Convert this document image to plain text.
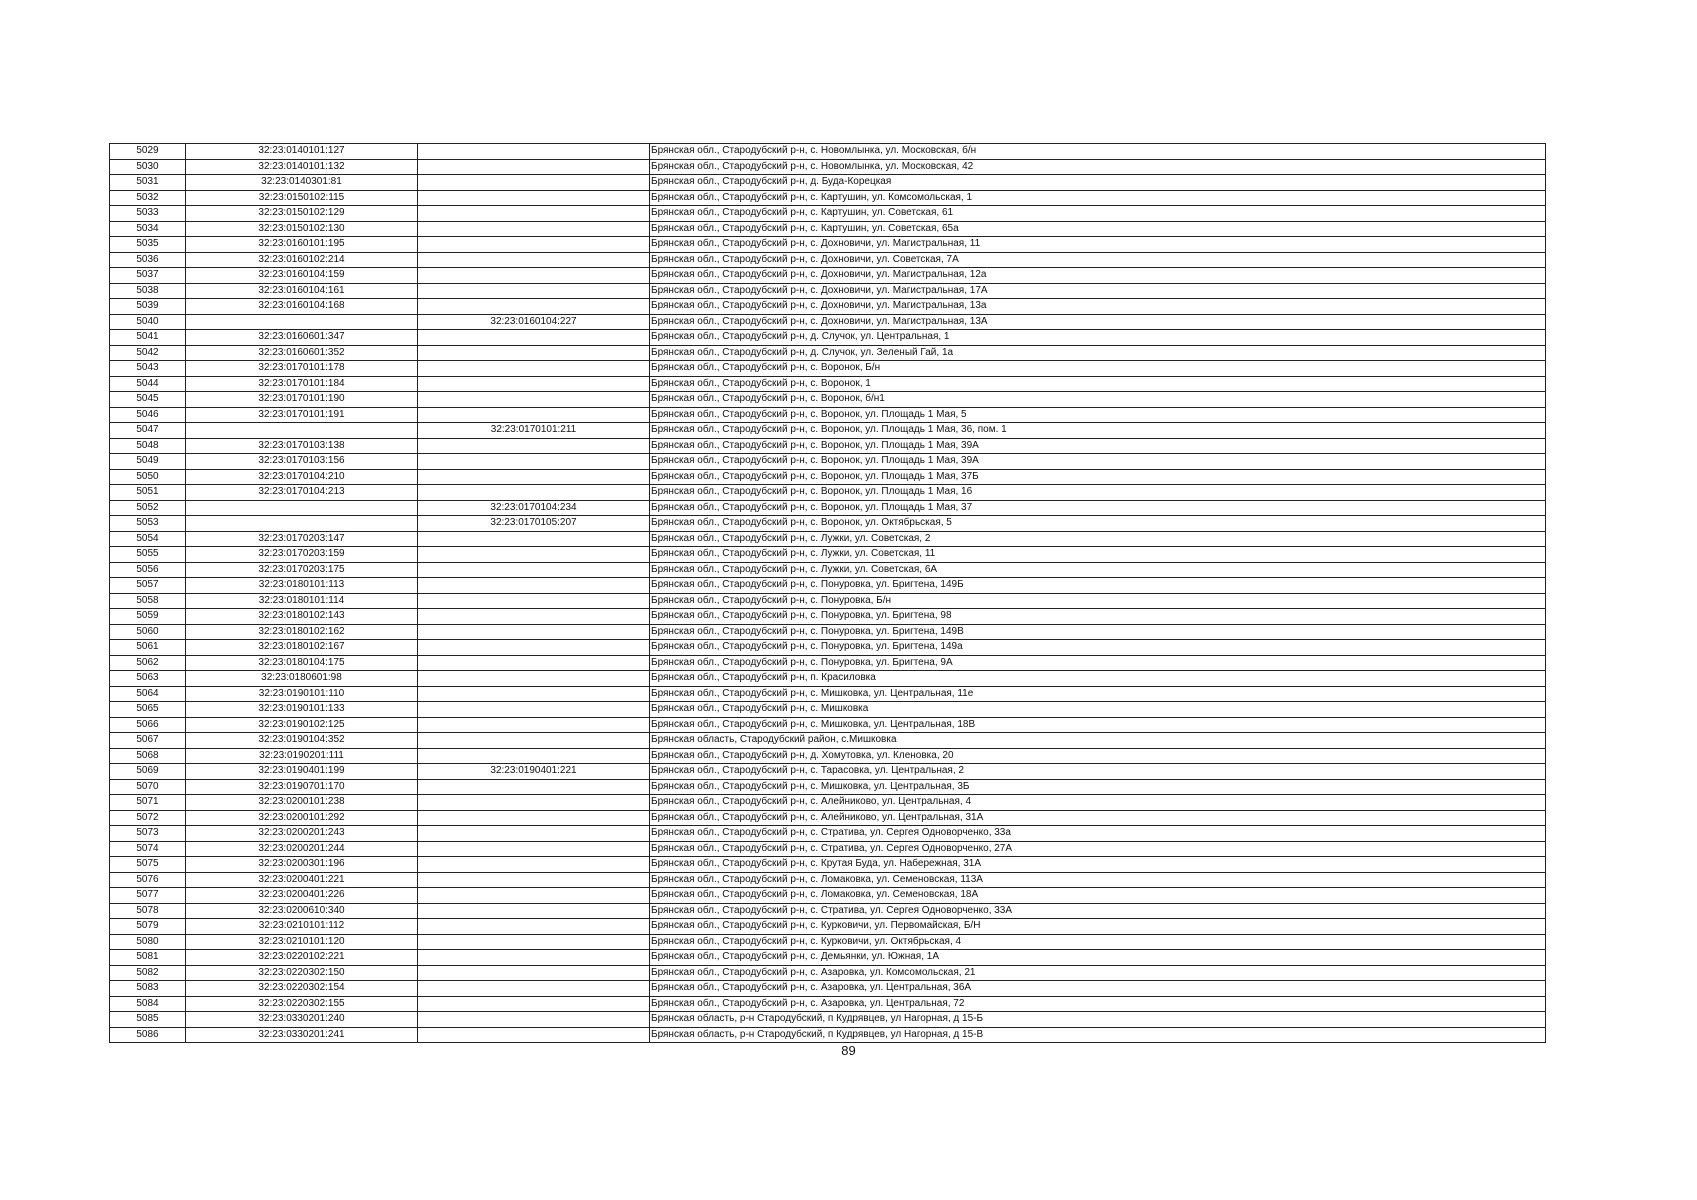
5029	32:23:0140101:127		Брянская обл., Стародубский р-н, с. Новомлынка, ул. Московская, б/н
5030	32:23:0140101:132		Брянская обл., Стародубский р-н, с. Новомлынка, ул. Московская, 42
5031	32:23:0140301:81		Брянская обл., Стародубский р-н, д. Буда-Корецкая
5032	32:23:0150102:115		Брянская обл., Стародубский р-н, с. Картушин, ул. Комсомольская, 1
5033	32:23:0150102:129		Брянская обл., Стародубский р-н, с. Картушин, ул. Советская, 61
5034	32:23:0150102:130		Брянская обл., Стародубский р-н, с. Картушин, ул. Советская, 65а
5035	32:23:0160101:195		Брянская обл., Стародубский р-н, с. Дохновичи, ул. Магистральная, 11
5036	32:23:0160102:214		Брянская обл., Стародубский р-н, с. Дохновичи, ул. Советская, 7А
5037	32:23:0160104:159		Брянская обл., Стародубский р-н, с. Дохновичи, ул. Магистральная, 12а
5038	32:23:0160104:161		Брянская обл., Стародубский р-н, с. Дохновичи, ул. Магистральная, 17А
5039	32:23:0160104:168		Брянская обл., Стародубский р-н, с. Дохновичи, ул. Магистральная, 13а
5040		32:23:0160104:227	Брянская обл., Стародубский р-н, с. Дохновичи, ул. Магистральная, 13А
5041	32:23:0160601:347		Брянская обл., Стародубский р-н, д. Случок, ул. Центральная, 1
5042	32:23:0160601:352		Брянская обл., Стародубский р-н, д. Случок, ул. Зеленый Гай, 1а
5043	32:23:0170101:178		Брянская обл., Стародубский р-н, с. Воронок, Б/н
5044	32:23:0170101:184		Брянская обл., Стародубский р-н, с. Воронок, 1
5045	32:23:0170101:190		Брянская обл., Стародубский р-н, с. Воронок, б/н1
5046	32:23:0170101:191		Брянская обл., Стародубский р-н, с. Воронок, ул. Площадь 1 Мая, 5
5047		32:23:0170101:211	Брянская обл., Стародубский р-н, с. Воронок, ул. Площадь 1 Мая, 36, пом. 1
5048	32:23:0170103:138		Брянская обл., Стародубский р-н, с. Воронок, ул. Площадь 1 Мая, 39А
5049	32:23:0170103:156		Брянская обл., Стародубский р-н, с. Воронок, ул. Площадь 1 Мая, 39А
5050	32:23:0170104:210		Брянская обл., Стародубский р-н, с. Воронок, ул. Площадь 1 Мая, 37Б
5051	32:23:0170104:213		Брянская обл., Стародубский р-н, с. Воронок, ул. Площадь 1 Мая, 16
5052		32:23:0170104:234	Брянская обл., Стародубский р-н, с. Воронок, ул. Площадь 1 Мая, 37
5053		32:23:0170105:207	Брянская обл., Стародубский р-н, с. Воронок, ул. Октябрьская, 5
5054	32:23:0170203:147		Брянская обл., Стародубский р-н, с. Лужки, ул. Советская, 2
5055	32:23:0170203:159		Брянская обл., Стародубский р-н, с. Лужки, ул. Советская, 11
5056	32:23:0170203:175		Брянская обл., Стародубский р-н, с. Лужки, ул. Советская, 6А
5057	32:23:0180101:113		Брянская обл., Стародубский р-н, с. Понуровка, ул. Бригтена, 149Б
5058	32:23:0180101:114		Брянская обл., Стародубский р-н, с. Понуровка, Б/н
5059	32:23:0180102:143		Брянская обл., Стародубский р-н, с. Понуровка, ул. Бригтена, 98
5060	32:23:0180102:162		Брянская обл., Стародубский р-н, с. Понуровка, ул. Бригтена, 149В
5061	32:23:0180102:167		Брянская обл., Стародубский р-н, с. Понуровка, ул. Бригтена, 149а
5062	32:23:0180104:175		Брянская обл., Стародубский р-н, с. Понуровка, ул. Бригтена, 9А
5063	32:23:0180601:98		Брянская обл., Стародубский р-н, п. Красиловка
5064	32:23:0190101:110		Брянская обл., Стародубский р-н, с. Мишковка, ул. Центральная, 11е
5065	32:23:0190101:133		Брянская обл., Стародубский р-н, с. Мишковка
5066	32:23:0190102:125		Брянская обл., Стародубский р-н, с. Мишковка, ул. Центральная, 18В
5067	32:23:0190104:352		Брянская область, Стародубский район, с.Мишковка
5068	32:23:0190201:111		Брянская обл., Стародубский р-н, д. Хомутовка, ул. Кленовка, 20
5069	32:23:0190401:199	32:23:0190401:221	Брянская обл., Стародубский р-н, с. Тарасовка, ул. Центральная, 2
5070	32:23:0190701:170		Брянская обл., Стародубский р-н, с. Мишковка, ул. Центральная, 3Б
5071	32:23:0200101:238		Брянская обл., Стародубский р-н, с. Алейниково, ул. Центральная, 4
5072	32:23:0200101:292		Брянская обл., Стародубский р-н, с. Алейниково, ул. Центральная, 31А
5073	32:23:0200201:243		Брянская обл., Стародубский р-н, с. Стратива, ул. Сергея Одноворченко, 33а
5074	32:23:0200201:244		Брянская обл., Стародубский р-н, с. Стратива, ул. Сергея Одноворченко, 27А
5075	32:23:0200301:196		Брянская обл., Стародубский р-н, с. Крутая Буда, ул. Набережная, 31А
5076	32:23:0200401:221		Брянская обл., Стародубский р-н, с. Ломаковка, ул. Семеновская, 113А
5077	32:23:0200401:226		Брянская обл., Стародубский р-н, с. Ломаковка, ул. Семеновская, 18А
5078	32:23:0200610:340		Брянская обл., Стародубский р-н, с. Стратива, ул. Сергея Одноворченко, 33А
5079	32:23:0210101:112		Брянская обл., Стародубский р-н, с. Курковичи, ул. Первомайская, Б/Н
5080	32:23:0210101:120		Брянская обл., Стародубский р-н, с. Курковичи, ул. Октябрьская, 4
5081	32:23:0220102:221		Брянская обл., Стародубский р-н, с. Демьянки, ул. Южная, 1А
5082	32:23:0220302:150		Брянская обл., Стародубский р-н, с. Азаровка, ул. Комсомольская, 21
5083	32:23:0220302:154		Брянская обл., Стародубский р-н, с. Азаровка, ул. Центральная, 36А
5084	32:23:0220302:155		Брянская обл., Стародубский р-н, с. Азаровка, ул. Центральная, 72
5085	32:23:0330201:240		Брянская область, р-н Стародубский, п Кудрявцев, ул Нагорная, д 15-Б
5086	32:23:0330201:241		Брянская область, р-н Стародубский, п Кудрявцев, ул Нагорная, д 15-В
89
